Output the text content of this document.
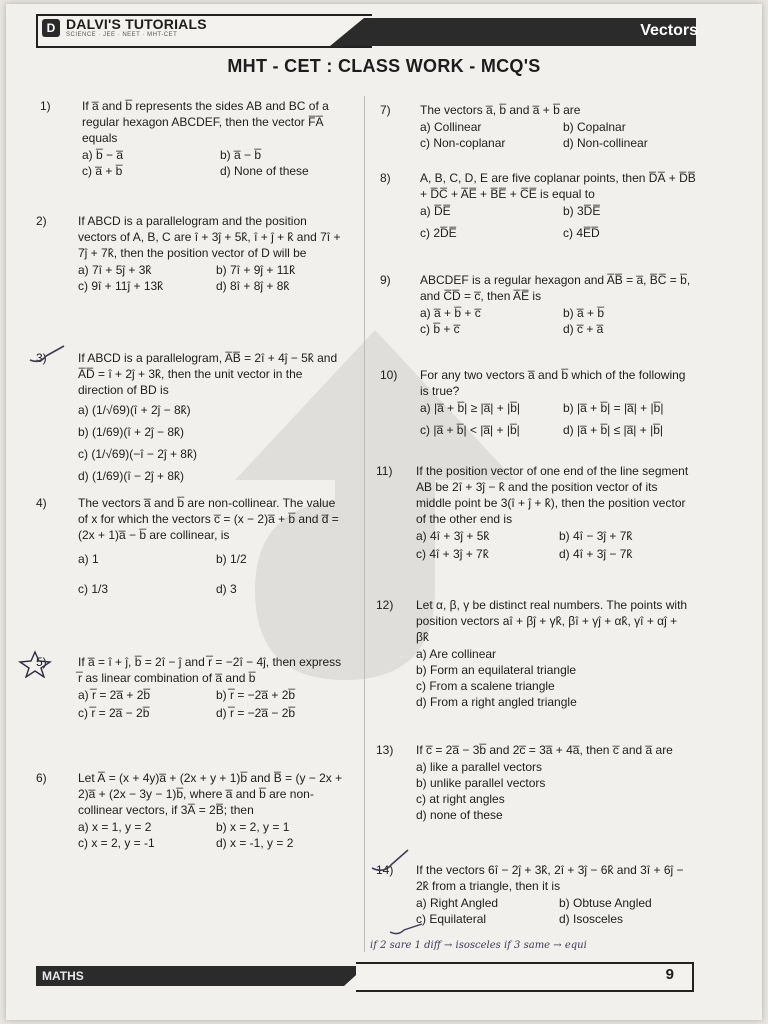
D DALVI'S TUTORIALS
SCIENCE · JEE · NEET · MHT-CET	Vectors
MHT - CET : CLASS WORK - MCQ'S
1)	If a̅ and b̅ represents the sides AB and BC of a regular hexagon ABCDEF, then the vector F̅A̅ equals
a) b̅ − a̅	b) a̅ − b̅
c) a̅ + b̅	d) None of these
2)	If ABCD is a parallelogram and the position vectors of A, B, C are î + 3ĵ + 5k̂, î + ĵ + k̂ and 7î + 7ĵ + 7k̂, then the position vector of D will be
a) 7î + 5ĵ + 3k̂	b) 7î + 9ĵ + 11k̂
c) 9î + 11ĵ + 13k̂	d) 8î + 8ĵ + 8k̂
3)	If ABCD is a parallelogram, A̅B̅ = 2î + 4ĵ − 5k̂ and A̅D̅ = î + 2ĵ + 3k̂, then the unit vector in the direction of BD is
a) (1/√69)(î + 2ĵ − 8k̂)
b) (1/69)(î + 2ĵ − 8k̂)
c) (1/√69)(−î − 2ĵ + 8k̂)
d) (1/69)(î − 2ĵ + 8k̂)
4)	The vectors a̅ and b̅ are non-collinear. The value of x for which the vectors c̅ = (x − 2)a̅ + b̅ and d̅ = (2x + 1)a̅ − b̅ are collinear, is
a) 1	b) 1/2
c) 1/3	d) 3
5)	If a̅ = î + ĵ, b̅ = 2î − ĵ and r̅ = −2î − 4ĵ, then express r̅ as linear combination of a̅ and b̅
a) r̅ = 2a̅ + 2b̅	b) r̅ = −2a̅ + 2b̅
c) r̅ = 2a̅ − 2b̅	d) r̅ = −2a̅ − 2b̅
6)	Let A̅ = (x + 4y)a̅ + (2x + y + 1)b̅ and B̅ = (y − 2x + 2)a̅ + (2x − 3y − 1)b̅, where a̅ and b̅ are non-collinear vectors, if 3A̅ = 2B̅; then
a) x = 1, y = 2	b) x = 2, y = 1
c) x = 2, y = -1	d) x = -1, y = 2
7)	The vectors a̅, b̅ and a̅ + b̅ are
a) Collinear	b) Copalnar
c) Non-coplanar	d) Non-collinear
8)	A, B, C, D, E are five coplanar points, then D̅A̅ + D̅B̅ + D̅C̅ + A̅E̅ + B̅E̅ + C̅E̅ is equal to
a) D̅E̅	b) 3D̅E̅
c) 2D̅E̅	c) 4E̅D̅
9)	ABCDEF is a regular hexagon and A̅B̅ = a̅, B̅C̅ = b̅, and C̅D̅ = c̅, then A̅E̅ is
a) a̅ + b̅ + c̅	b) a̅ + b̅
c) b̅ + c̅	d) c̅ + a̅
10)	For any two vectors a̅ and b̅ which of the following is true?
a) |a̅ + b̅| ≥ |a̅| + |b̅|	b) |a̅ + b̅| = |a̅| + |b̅|
c) |a̅ + b̅| < |a̅| + |b̅|	d) |a̅ + b̅| ≤ |a̅| + |b̅|
11)	If the position vector of one end of the line segment AB be 2î + 3ĵ − k̂ and the position vector of its middle point be 3(î + ĵ + k̂), then the position vector of the other end is
a) 4î + 3ĵ + 5k̂	b) 4î − 3ĵ + 7k̂
c) 4î + 3ĵ + 7k̂	d) 4î + 3ĵ − 7k̂
12)	Let α, β, γ be distinct real numbers. The points with position vectors aî + βĵ + γk̂, βî + γĵ + αk̂, γî + αĵ + βk̂
a) Are collinear
b) Form an equilateral triangle
c) From a scalene triangle
d) From a right angled triangle
13)	If c̅ = 2a̅ − 3b̅ and 2c̅ = 3a̅ + 4a̅, then c̅ and a̅ are
a) like a parallel vectors
b) unlike parallel vectors
c) at right angles
d) none of these
14)	If the vectors 6î − 2ĵ + 3k̂, 2î + 3ĵ − 6k̂ and 3î + 6ĵ − 2k̂ from a triangle, then it is
a) Right Angled	b) Obtuse Angled
c) Equilateral	d) Isosceles
if 2 sare 1 diff → isosceles if 3 same → equi
MATHS	9
